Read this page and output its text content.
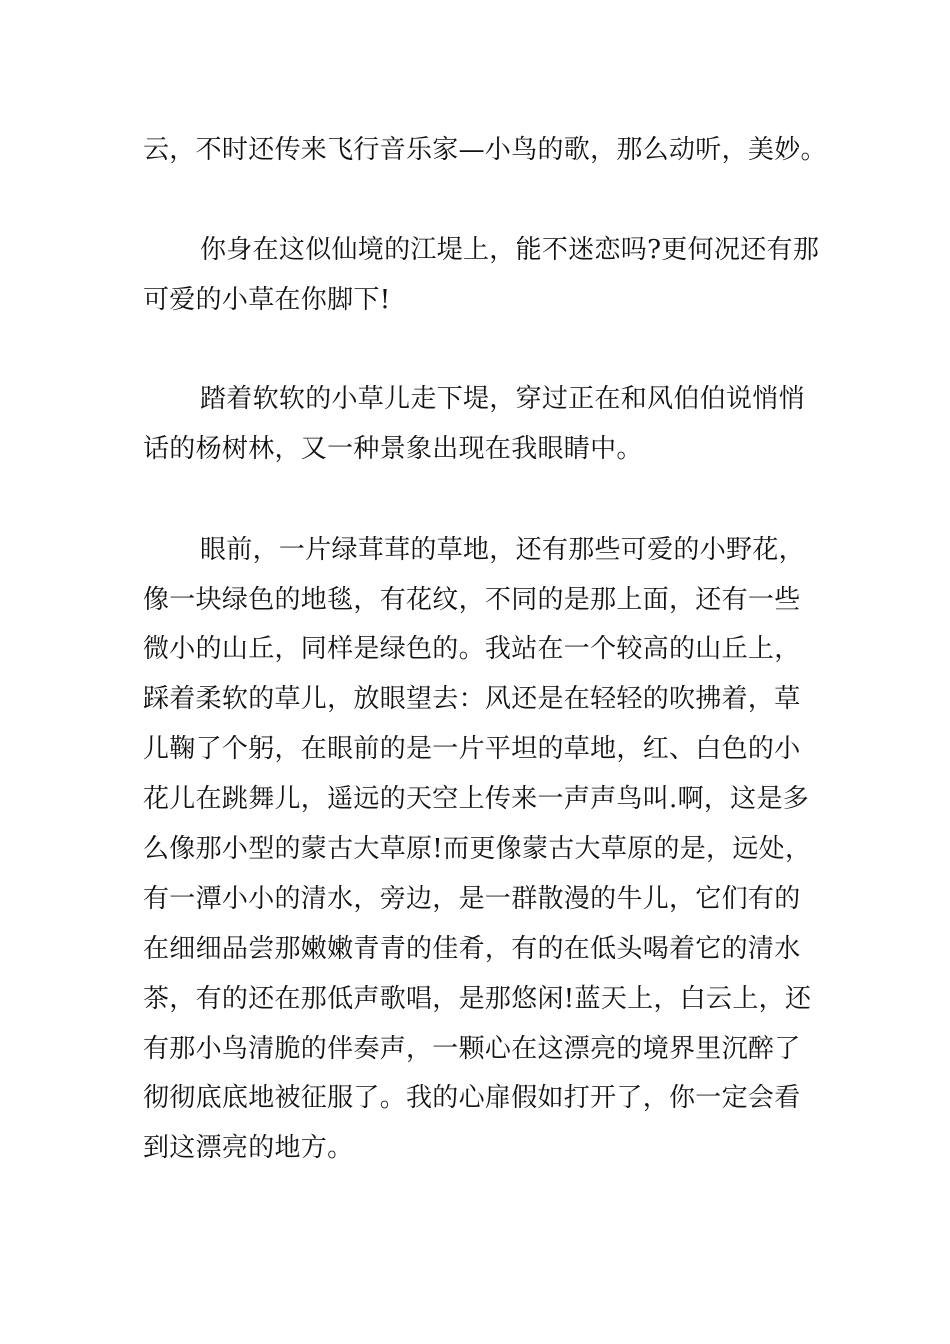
云，不时还传来飞行音乐家—小鸟的歌，那么动听，美妙。
你身在这似仙境的江堤上，能不迷恋吗?更何况还有那
可爱的小草在你脚下!
踏着软软的小草儿走下堤，穿过正在和风伯伯说悄悄
话的杨树林，又一种景象出现在我眼睛中。
眼前，一片绿茸茸的草地，还有那些可爱的小野花，
像一块绿色的地毯，有花纹，不同的是那上面，还有一些
微小的山丘，同样是绿色的。我站在一个较高的山丘上，
踩着柔软的草儿，放眼望去：风还是在轻轻的吹拂着，草
儿鞠了个躬，在眼前的是一片平坦的草地，红、白色的小
花儿在跳舞儿，遥远的天空上传来一声声鸟叫.啊，这是多
么像那小型的蒙古大草原!而更像蒙古大草原的是，远处，
有一潭小小的清水，旁边，是一群散漫的牛儿，它们有的
在细细品尝那嫩嫩青青的佳肴，有的在低头喝着它的清水
茶，有的还在那低声歌唱，是那悠闲!蓝天上，白云上，还
有那小鸟清脆的伴奏声，一颗心在这漂亮的境界里沉醉了
彻彻底底地被征服了。我的心扉假如打开了，你一定会看
到这漂亮的地方。
